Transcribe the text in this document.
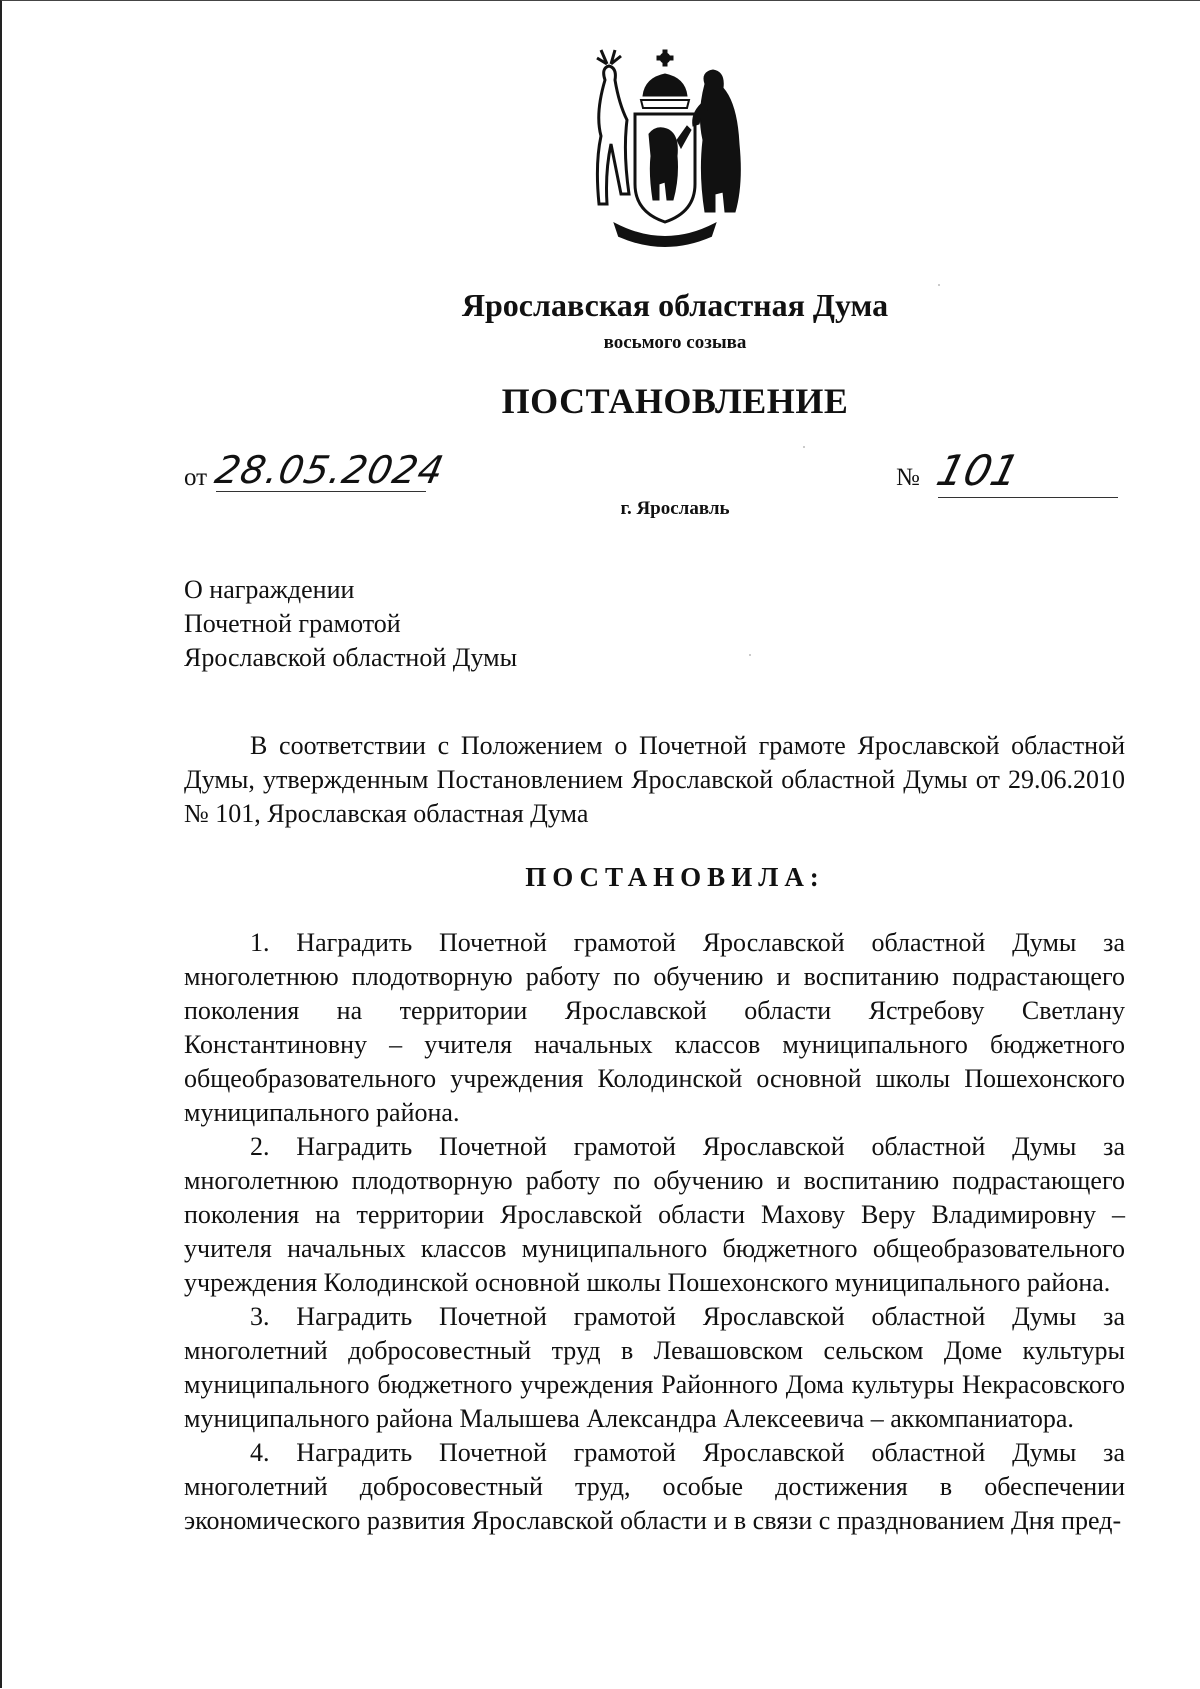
Ярославская областная Дума
восьмого созыва
ПОСТАНОВЛЕНИЕ
от 28.05.2024	№ 101
г. Ярославль
О награждении
Почетной грамотой
Ярославской областной Думы
В соответствии с Положением о Почетной грамоте Ярославской областной Думы, утвержденным Постановлением Ярославской областной Думы от 29.06.2010 № 101, Ярославская областная Дума
ПОСТАНОВИЛА:

1. Наградить Почетной грамотой Ярославской областной Думы за многолетнюю плодотворную работу по обучению и воспитанию подрастающего поколения на территории Ярославской области Ястребову Светлану Константиновну – учителя начальных классов муниципального бюджетного общеобразовательного учреждения Колодинской основной школы Пошехонского муниципального района.

2. Наградить Почетной грамотой Ярославской областной Думы за многолетнюю плодотворную работу по обучению и воспитанию подрастающего поколения на территории Ярославской области Махову Веру Владимировну – учителя начальных классов муниципального бюджетного общеобразовательного учреждения Колодинской основной школы Пошехонского муниципального района.

3. Наградить Почетной грамотой Ярославской областной Думы за многолетний добросовестный труд в Левашовском сельском Доме культуры муниципального бюджетного учреждения Районного Дома культуры Некрасовского муниципального района Малышева Александра Алексеевича – аккомпаниатора.

4. Наградить Почетной грамотой Ярославской областной Думы за многолетний добросовестный труд, особые достижения в обеспечении экономического развития Ярославской области и в связи с празднованием Дня пред-
